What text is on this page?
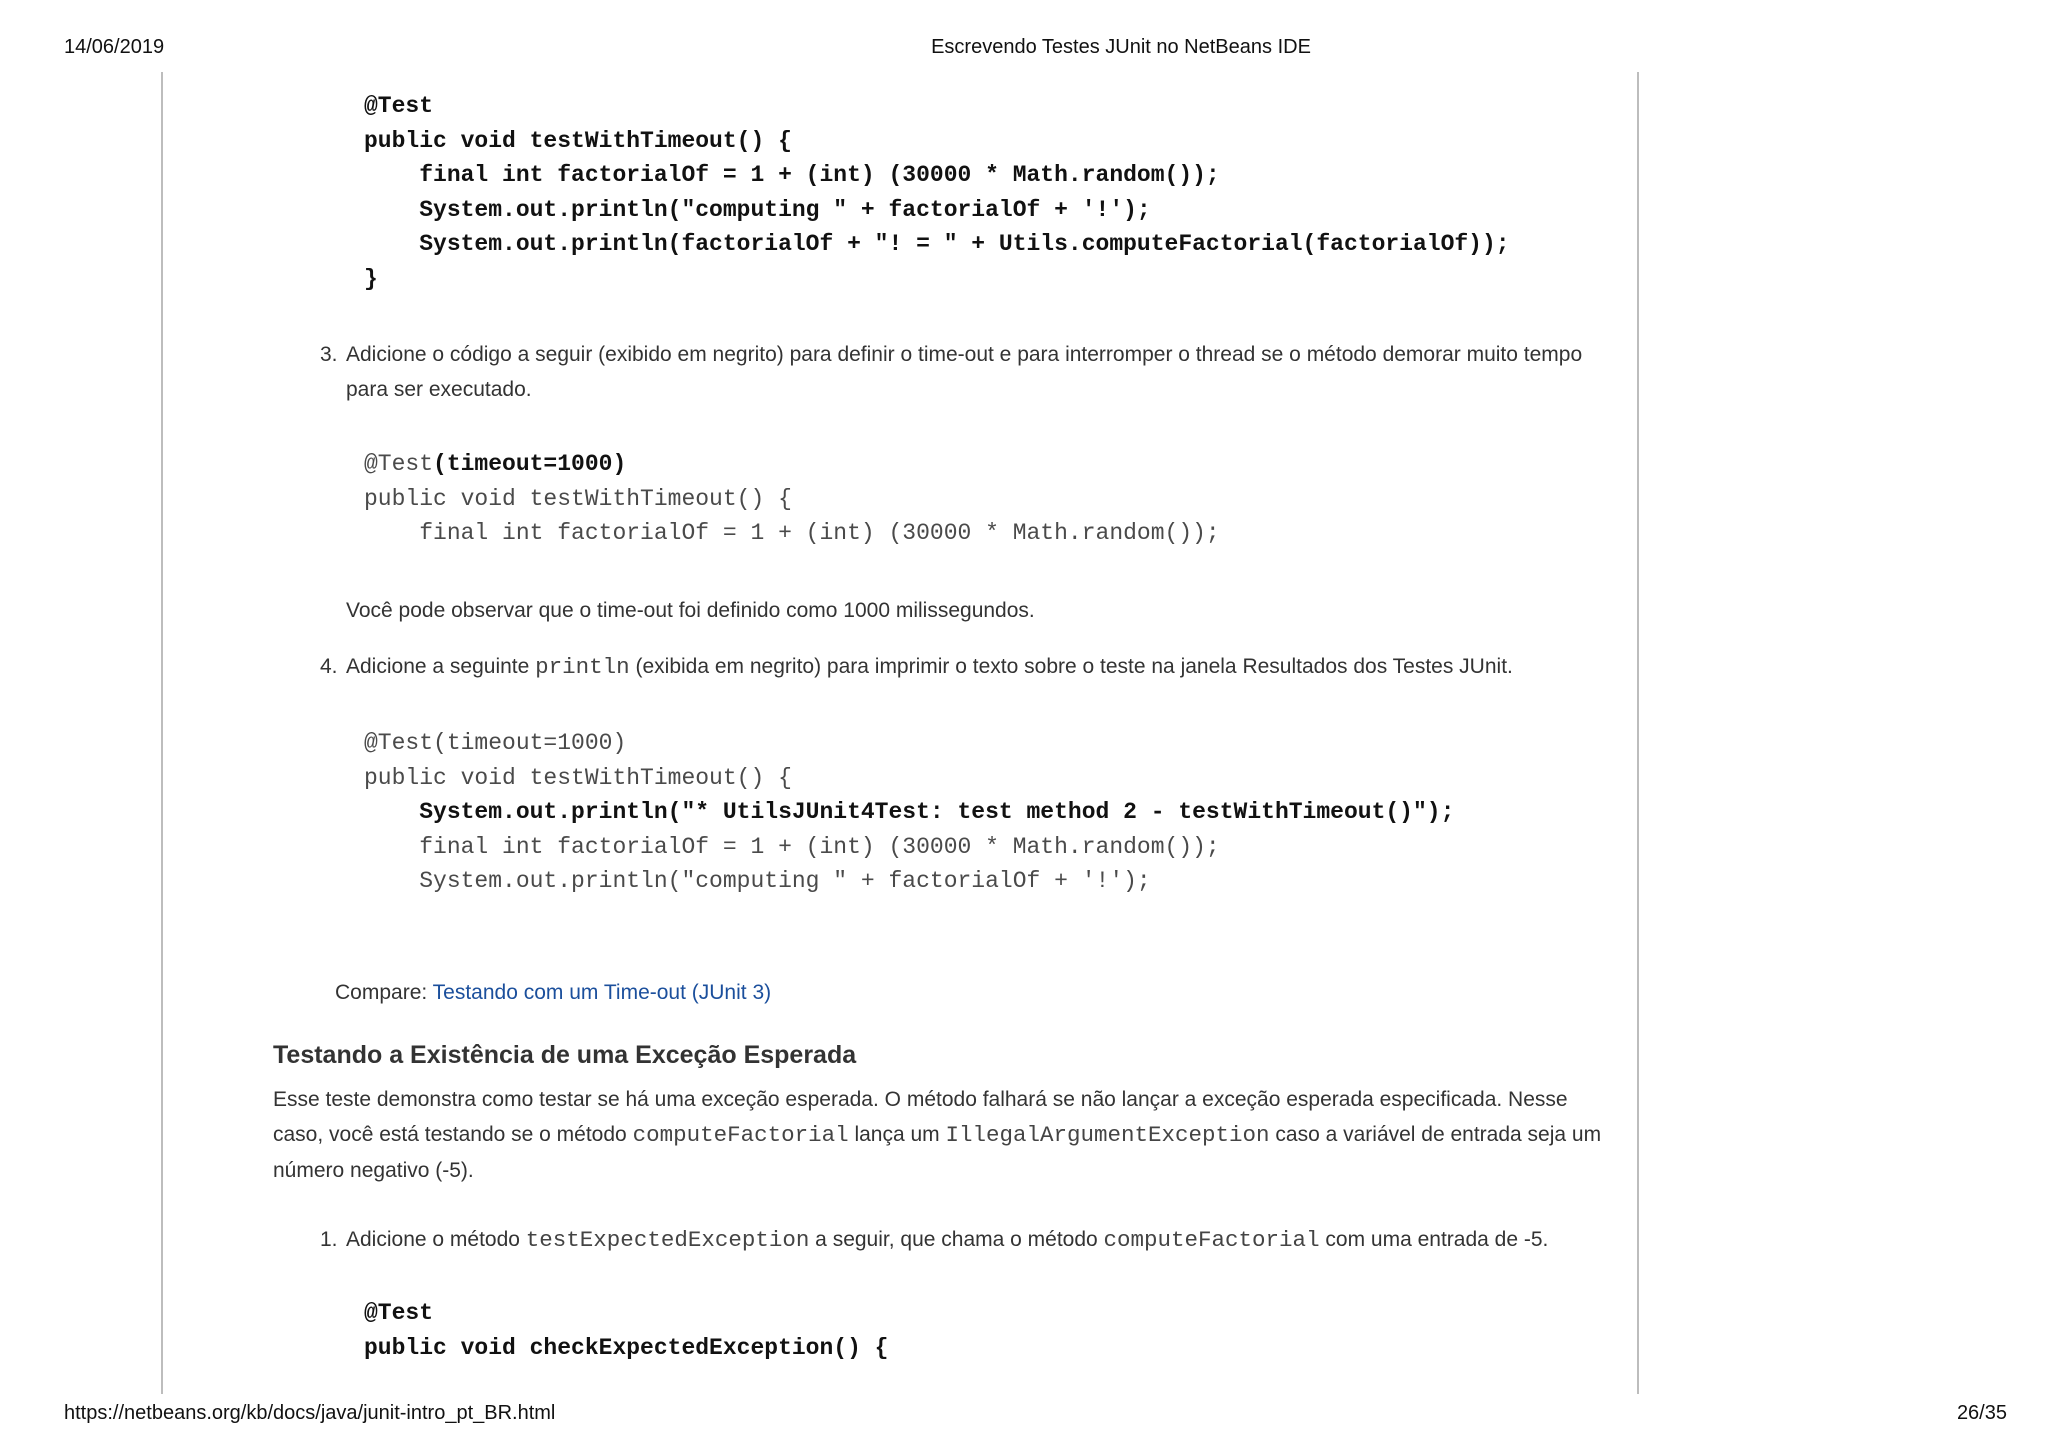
14/06/2019	Escrevendo Testes JUnit no NetBeans IDE
https://netbeans.org/kb/docs/java/junit-intro_pt_BR.html	26/35
@Test
public void testWithTimeout() {
final int factorialOf = 1 + (int) (30000 * Math.random());
System.out.println("computing " + factorialOf + '!');
System.out.println(factorialOf + "! = " + Utils.computeFactorial(factorialOf));
}
3. Adicione o código a seguir (exibido em negrito) para definir o time-out e para interromper o thread se o método demorar muito tempo para ser executado.
@Test(timeout=1000)
public void testWithTimeout() {
final int factorialOf = 1 + (int) (30000 * Math.random());
Você pode observar que o time-out foi definido como 1000 milissegundos.
4. Adicione a seguinte println (exibida em negrito) para imprimir o texto sobre o teste na janela Resultados dos Testes JUnit.
@Test(timeout=1000)
public void testWithTimeout() {
System.out.println("* UtilsJUnit4Test: test method 2 - testWithTimeout()");
final int factorialOf = 1 + (int) (30000 * Math.random());
System.out.println("computing " + factorialOf + '!');
Compare: Testando com um Time-out (JUnit 3)
Testando a Existência de uma Exceção Esperada
Esse teste demonstra como testar se há uma exceção esperada. O método falhará se não lançar a exceção esperada especificada. Nesse caso, você está testando se o método computeFactorial lança um IllegalArgumentException caso a variável de entrada seja um número negativo (-5).
1. Adicione o método testExpectedException a seguir, que chama o método computeFactorial com uma entrada de -5.
@Test
public void checkExpectedException() {
